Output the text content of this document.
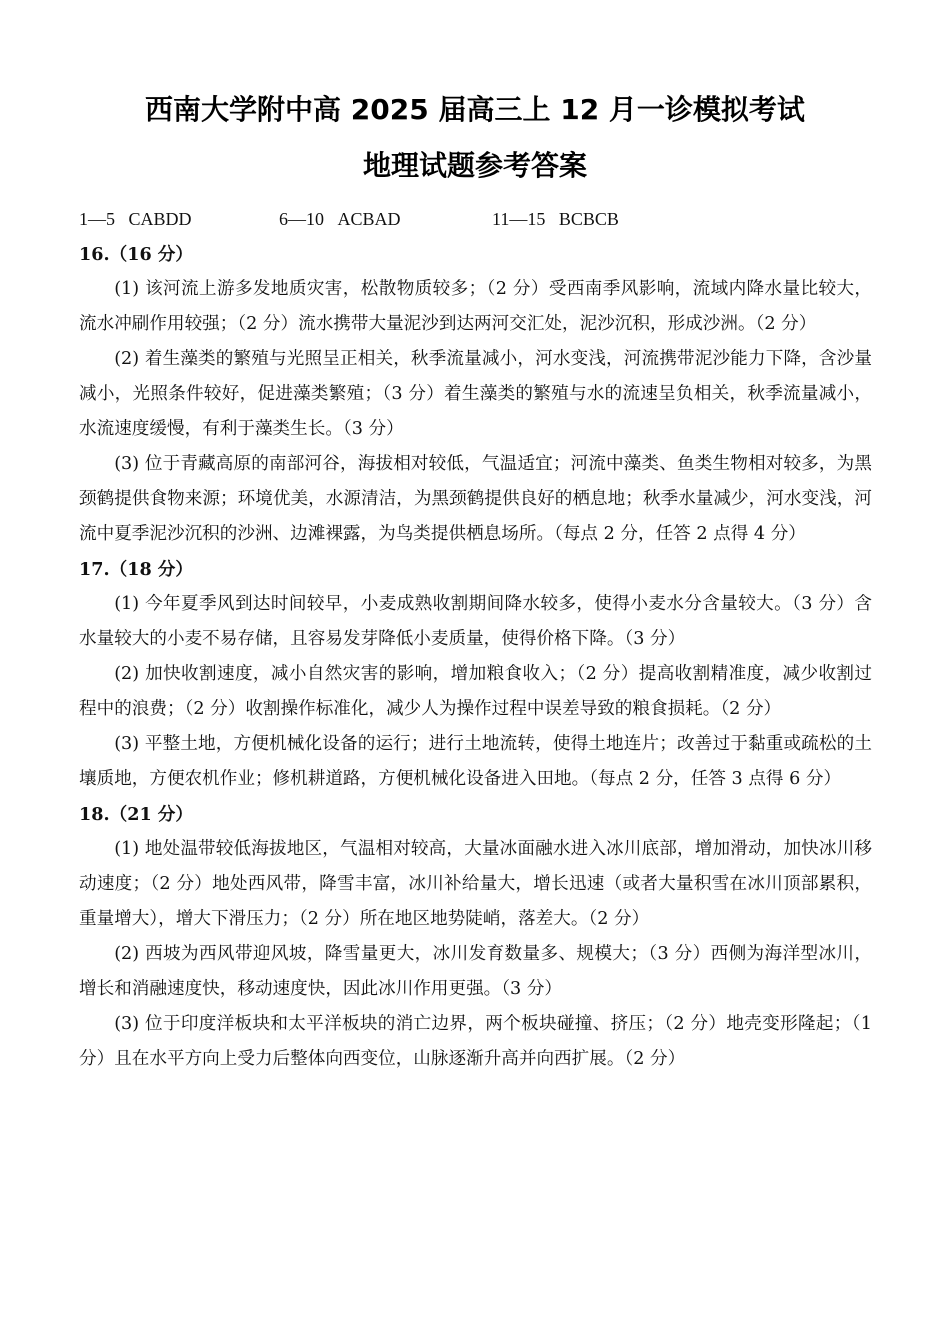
西南大学附中高 2025 届高三上 12 月一诊模拟考试
地理试题参考答案
1—5 CABDD	6—10 ACBAD	11—15 BCBCB
16.（16 分）

(1) 该河流上游多发地质灾害，松散物质较多；（2 分）受西南季风影响，流域内降水量比较大，流水冲刷作用较强；（2 分）流水携带大量泥沙到达两河交汇处，泥沙沉积，形成沙洲。（2 分）

(2) 着生藻类的繁殖与光照呈正相关，秋季流量减小，河水变浅，河流携带泥沙能力下降，含沙量减小，光照条件较好，促进藻类繁殖；（3 分）着生藻类的繁殖与水的流速呈负相关，秋季流量减小，水流速度缓慢，有利于藻类生长。（3 分）

(3) 位于青藏高原的南部河谷，海拔相对较低，气温适宜；河流中藻类、鱼类生物相对较多，为黑颈鹤提供食物来源；环境优美，水源清洁，为黑颈鹤提供良好的栖息地；秋季水量减少，河水变浅，河流中夏季泥沙沉积的沙洲、边滩裸露，为鸟类提供栖息场所。（每点 2 分，任答 2 点得 4 分）

17.（18 分）

(1) 今年夏季风到达时间较早，小麦成熟收割期间降水较多，使得小麦水分含量较大。（3 分）含水量较大的小麦不易存储，且容易发芽降低小麦质量，使得价格下降。（3 分）

(2) 加快收割速度，减小自然灾害的影响，增加粮食收入；（2 分）提高收割精准度，减少收割过程中的浪费；（2 分）收割操作标准化，减少人为操作过程中误差导致的粮食损耗。（2 分）

(3) 平整土地，方便机械化设备的运行；进行土地流转，使得土地连片；改善过于黏重或疏松的土壤质地，方便农机作业；修机耕道路，方便机械化设备进入田地。（每点 2 分，任答 3 点得 6 分）

18.（21 分）

(1) 地处温带较低海拔地区，气温相对较高，大量冰面融水进入冰川底部，增加滑动，加快冰川移动速度；（2 分）地处西风带，降雪丰富，冰川补给量大，增长迅速（或者大量积雪在冰川顶部累积，重量增大），增大下滑压力；（2 分）所在地区地势陡峭，落差大。（2 分）

(2) 西坡为西风带迎风坡，降雪量更大，冰川发育数量多、规模大；（3 分）西侧为海洋型冰川，增长和消融速度快，移动速度快，因此冰川作用更强。（3 分）

(3) 位于印度洋板块和太平洋板块的消亡边界，两个板块碰撞、挤压；（2 分）地壳变形隆起；（1 分）且在水平方向上受力后整体向西变位，山脉逐渐升高并向西扩展。（2 分）
